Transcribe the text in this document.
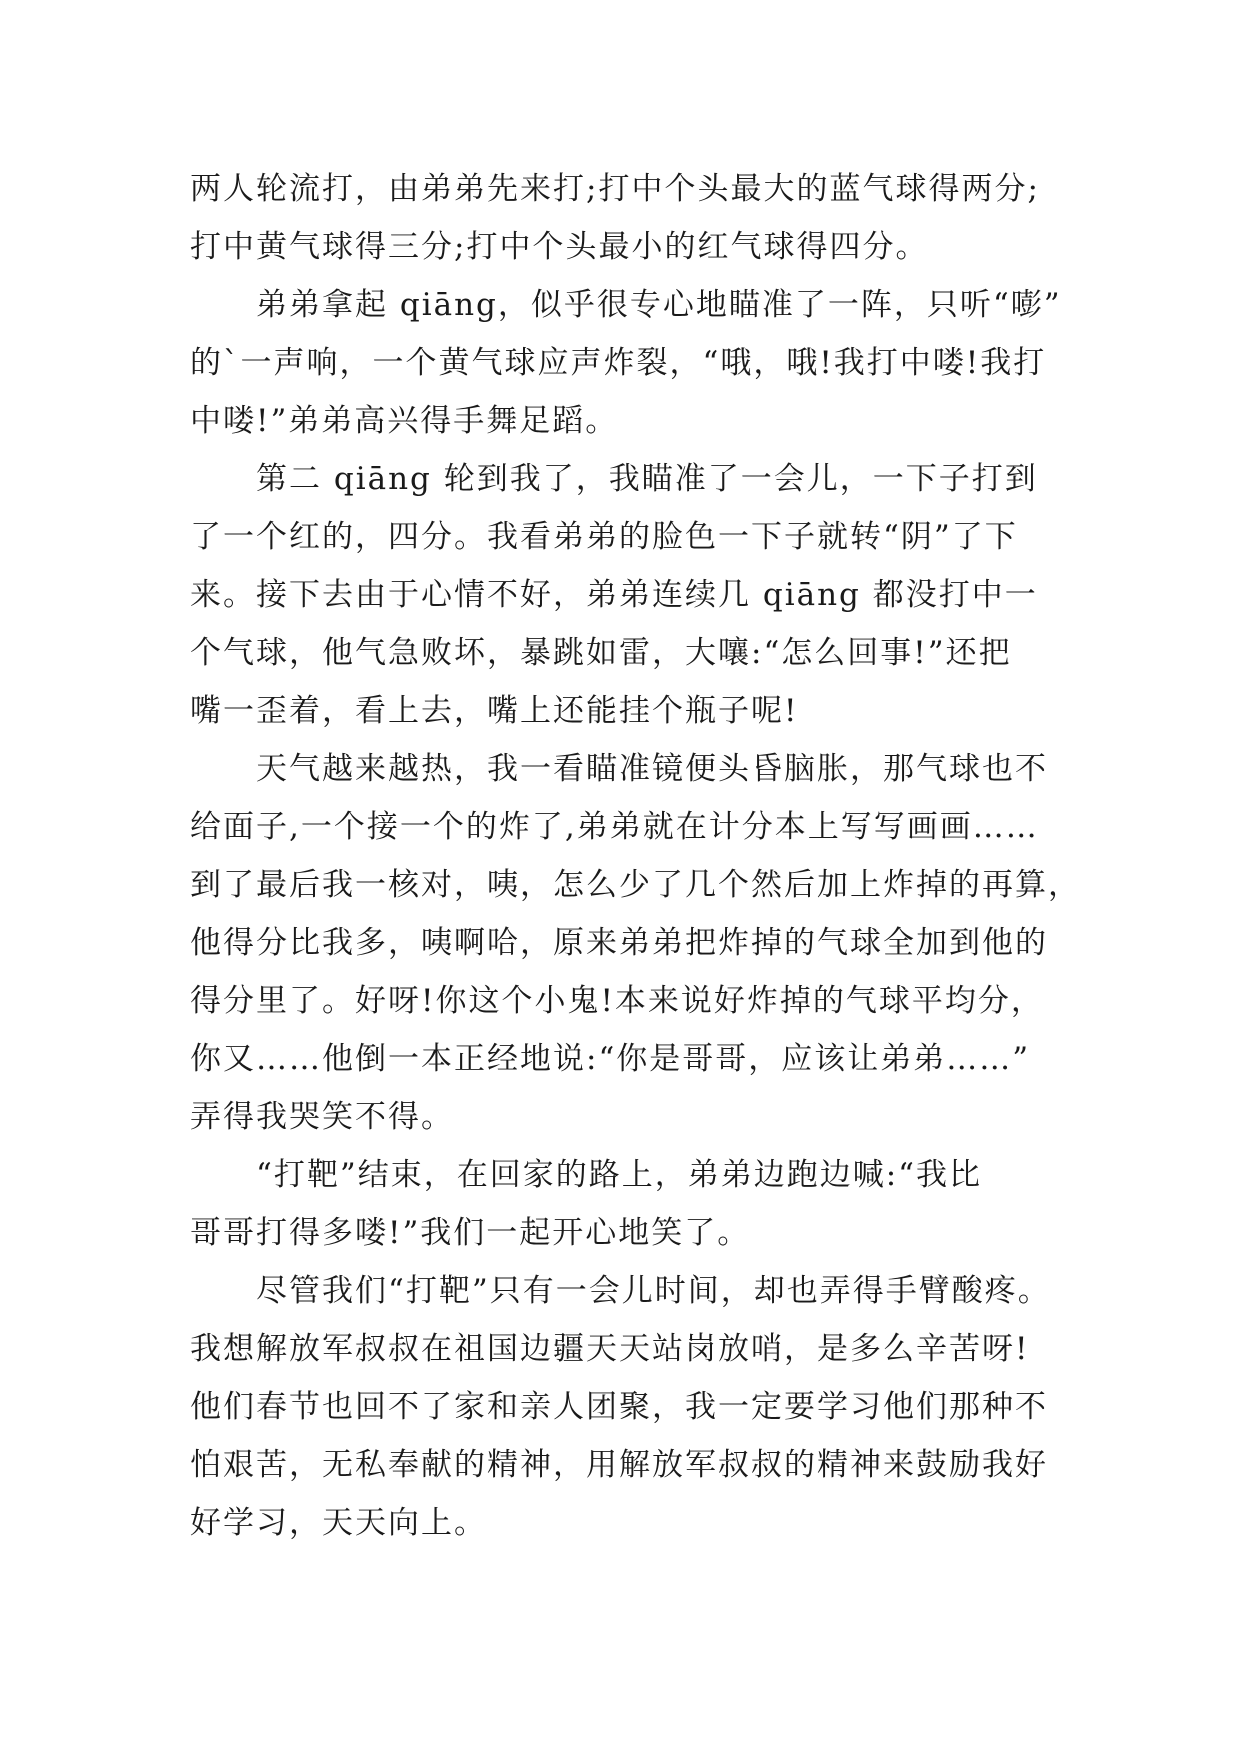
两人轮流打，由弟弟先来打;打中个头最大的蓝气球得两分;
打中黄气球得三分;打中个头最小的红气球得四分。
　　弟弟拿起 qiāng，似乎很专心地瞄准了一阵，只听“嘭”
的`一声响，一个黄气球应声炸裂，“哦，哦!我打中喽!我打
中喽!”弟弟高兴得手舞足蹈。
　　第二 qiāng 轮到我了，我瞄准了一会儿，一下子打到
了一个红的，四分。我看弟弟的脸色一下子就转“阴”了下
来。接下去由于心情不好，弟弟连续几 qiāng 都没打中一
个气球，他气急败坏，暴跳如雷，大嚷:“怎么回事!”还把
嘴一歪着，看上去，嘴上还能挂个瓶子呢!
　　天气越来越热，我一看瞄准镜便头昏脑胀，那气球也不
给面子,一个接一个的炸了,弟弟就在计分本上写写画画……
到了最后我一核对，咦，怎么少了几个然后加上炸掉的再算，
他得分比我多，咦啊哈，原来弟弟把炸掉的气球全加到他的
得分里了。好呀!你这个小鬼!本来说好炸掉的气球平均分，
你又……他倒一本正经地说:“你是哥哥，应该让弟弟……”
弄得我哭笑不得。
　　“打靶”结束，在回家的路上，弟弟边跑边喊:“我比
哥哥打得多喽!”我们一起开心地笑了。
　　尽管我们“打靶”只有一会儿时间，却也弄得手臂酸疼。
我想解放军叔叔在祖国边疆天天站岗放哨，是多么辛苦呀!
他们春节也回不了家和亲人团聚，我一定要学习他们那种不
怕艰苦，无私奉献的精神，用解放军叔叔的精神来鼓励我好
好学习，天天向上。
